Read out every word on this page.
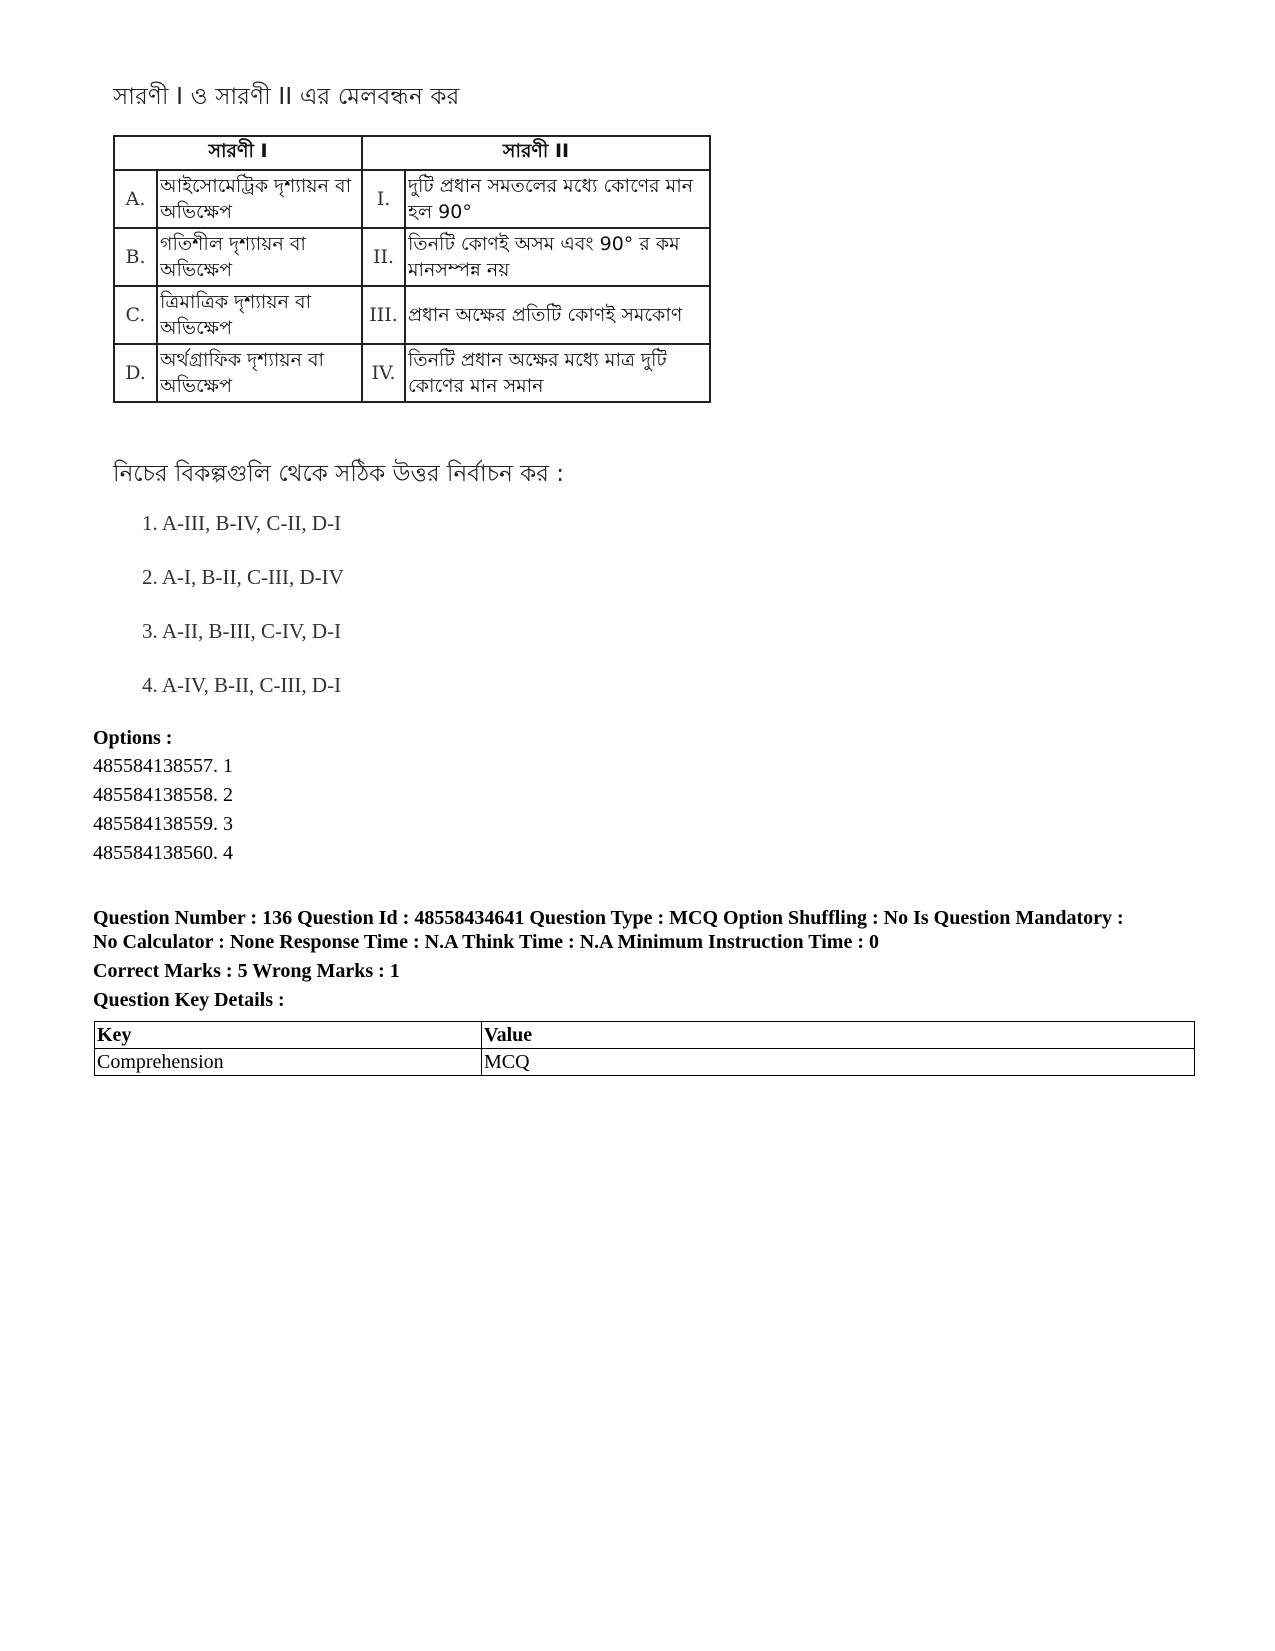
সারণী I ও সারণী II এর মেলবন্ধন কর
সারণী I		সারণী II	
A.	আইসোমেট্রিক দৃশ্যায়ন বা অভিক্ষেপ	I.	দুটি প্রধান সমতলের মধ্যে কোণের মান হল 90°
B.	গতিশীল দৃশ্যায়ন বা অভিক্ষেপ	II.	তিনটি কোণই অসম এবং 90° র কম মানসম্পন্ন নয়
C.	ত্রিমাত্রিক দৃশ্যায়ন বা অভিক্ষেপ	III.	প্রধান অক্ষের প্রতিটি কোণই সমকোণ
D.	অর্থগ্রাফিক দৃশ্যায়ন বা অভিক্ষেপ	IV.	তিনটি প্রধান অক্ষের মধ্যে মাত্র দুটি কোণের মান সমান
নিচের বিকল্পগুলি থেকে সঠিক উত্তর নির্বাচন কর :
1. A-III, B-IV, C-II, D-I
2. A-I, B-II, C-III, D-IV
3. A-II, B-III, C-IV, D-I
4. A-IV, B-II, C-III, D-I
Options :
485584138557. 1
485584138558. 2
485584138559. 3
485584138560. 4
Question Number : 136 Question Id : 48558434641 Question Type : MCQ Option Shuffling : No Is Question Mandatory :
No Calculator : None Response Time : N.A Think Time : N.A Minimum Instruction Time : 0
Correct Marks : 5 Wrong Marks : 1
Question Key Details :
Key	Value
Comprehension	MCQ
